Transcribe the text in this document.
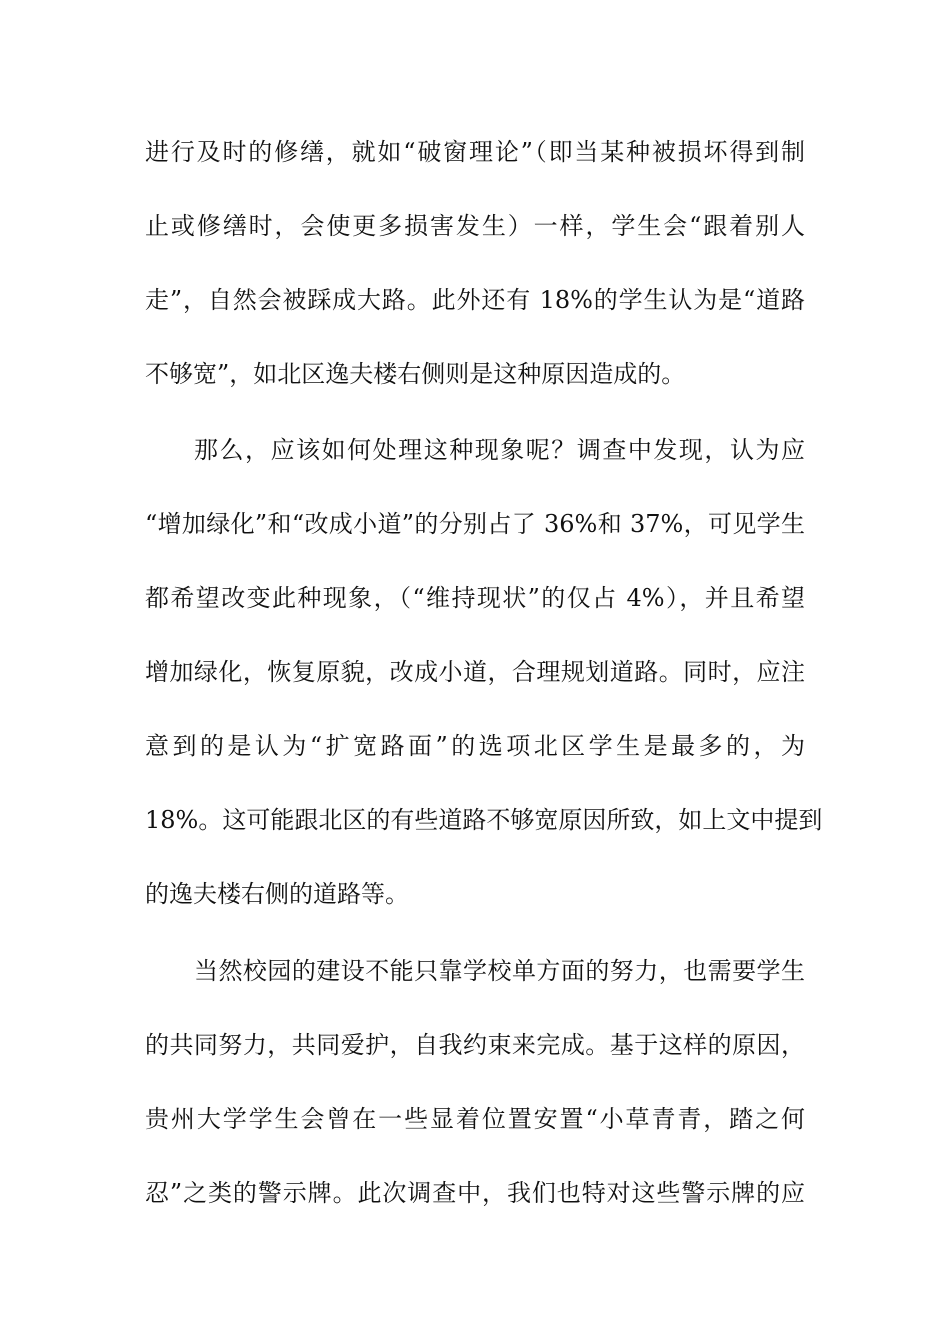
进行及时的修缮，就如“破窗理论”（即当某种被损坏得到制
止或修缮时，会使更多损害发生）一样，学生会“跟着别人
走”，自然会被踩成大路。此外还有 18%的学生认为是“道路
不够宽”，如北区逸夫楼右侧则是这种原因造成的。
那么，应该如何处理这种现象呢？调查中发现，认为应
“增加绿化”和“改成小道”的分别占了 36%和 37%，可见学生
都希望改变此种现象，（“维持现状”的仅占 4%），并且希望
增加绿化，恢复原貌，改成小道，合理规划道路。同时，应注
意到的是认为“扩宽路面”的选项北区学生是最多的，为
18%。这可能跟北区的有些道路不够宽原因所致，如上文中提到
的逸夫楼右侧的道路等。
当然校园的建设不能只靠学校单方面的努力，也需要学生
的共同努力，共同爱护，自我约束来完成。基于这样的原因，
贵州大学学生会曾在一些显着位置安置“小草青青，踏之何
忍”之类的警示牌。此次调查中，我们也特对这些警示牌的应
